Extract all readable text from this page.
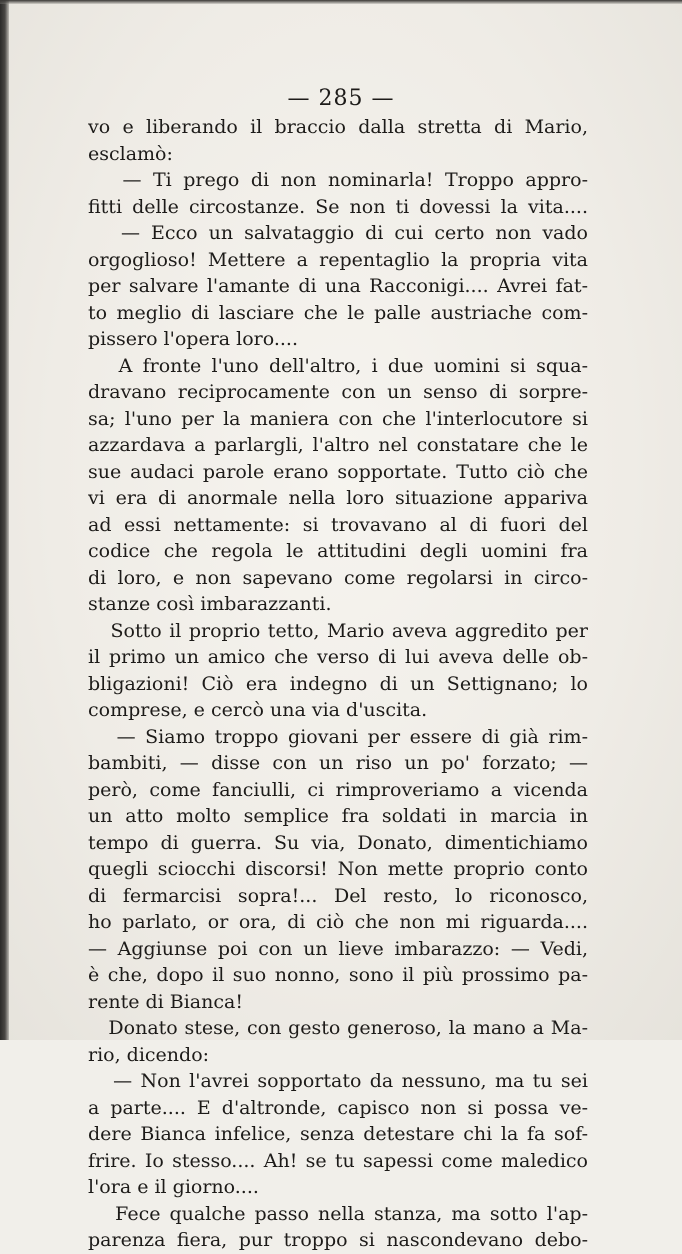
— 285 —
vo e liberando il braccio dalla stretta di Mario,
esclamò:
— Ti prego di non nominarla! Troppo appro-
fitti delle circostanze. Se non ti dovessi la vita....
— Ecco un salvataggio di cui certo non vado
orgoglioso! Mettere a repentaglio la propria vita
per salvare l'amante di una Racconigi.... Avrei fat-
to meglio di lasciare che le palle austriache com-
pissero l'opera loro....
A fronte l'uno dell'altro, i due uomini si squa-
dravano reciprocamente con un senso di sorpre-
sa; l'uno per la maniera con che l'interlocutore si
azzardava a parlargli, l'altro nel constatare che le
sue audaci parole erano sopportate. Tutto ciò che
vi era di anormale nella loro situazione appariva
ad essi nettamente: si trovavano al di fuori del
codice che regola le attitudini degli uomini fra
di loro, e non sapevano come regolarsi in circo-
stanze così imbarazzanti.
Sotto il proprio tetto, Mario aveva aggredito per
il primo un amico che verso di lui aveva delle ob-
bligazioni! Ciò era indegno di un Settignano; lo
comprese, e cercò una via d'uscita.
— Siamo troppo giovani per essere di già rim-
bambiti, — disse con un riso un po' forzato; —
però, come fanciulli, ci rimproveriamo a vicenda
un atto molto semplice fra soldati in marcia in
tempo di guerra. Su via, Donato, dimentichiamo
quegli sciocchi discorsi! Non mette proprio conto
di fermarcisi sopra!... Del resto, lo riconosco,
ho parlato, or ora, di ciò che non mi riguarda....
— Aggiunse poi con un lieve imbarazzo: — Vedi,
è che, dopo il suo nonno, sono il più prossimo pa-
rente di Bianca!
Donato stese, con gesto generoso, la mano a Ma-
rio, dicendo:
— Non l'avrei sopportato da nessuno, ma tu sei
a parte.... E d'altronde, capisco non si possa ve-
dere Bianca infelice, senza detestare chi la fa sof-
frire. Io stesso.... Ah! se tu sapessi come maledico
l'ora e il giorno....
Fece qualche passo nella stanza, ma sotto l'ap-
parenza fiera, pur troppo si nascondevano debo-
